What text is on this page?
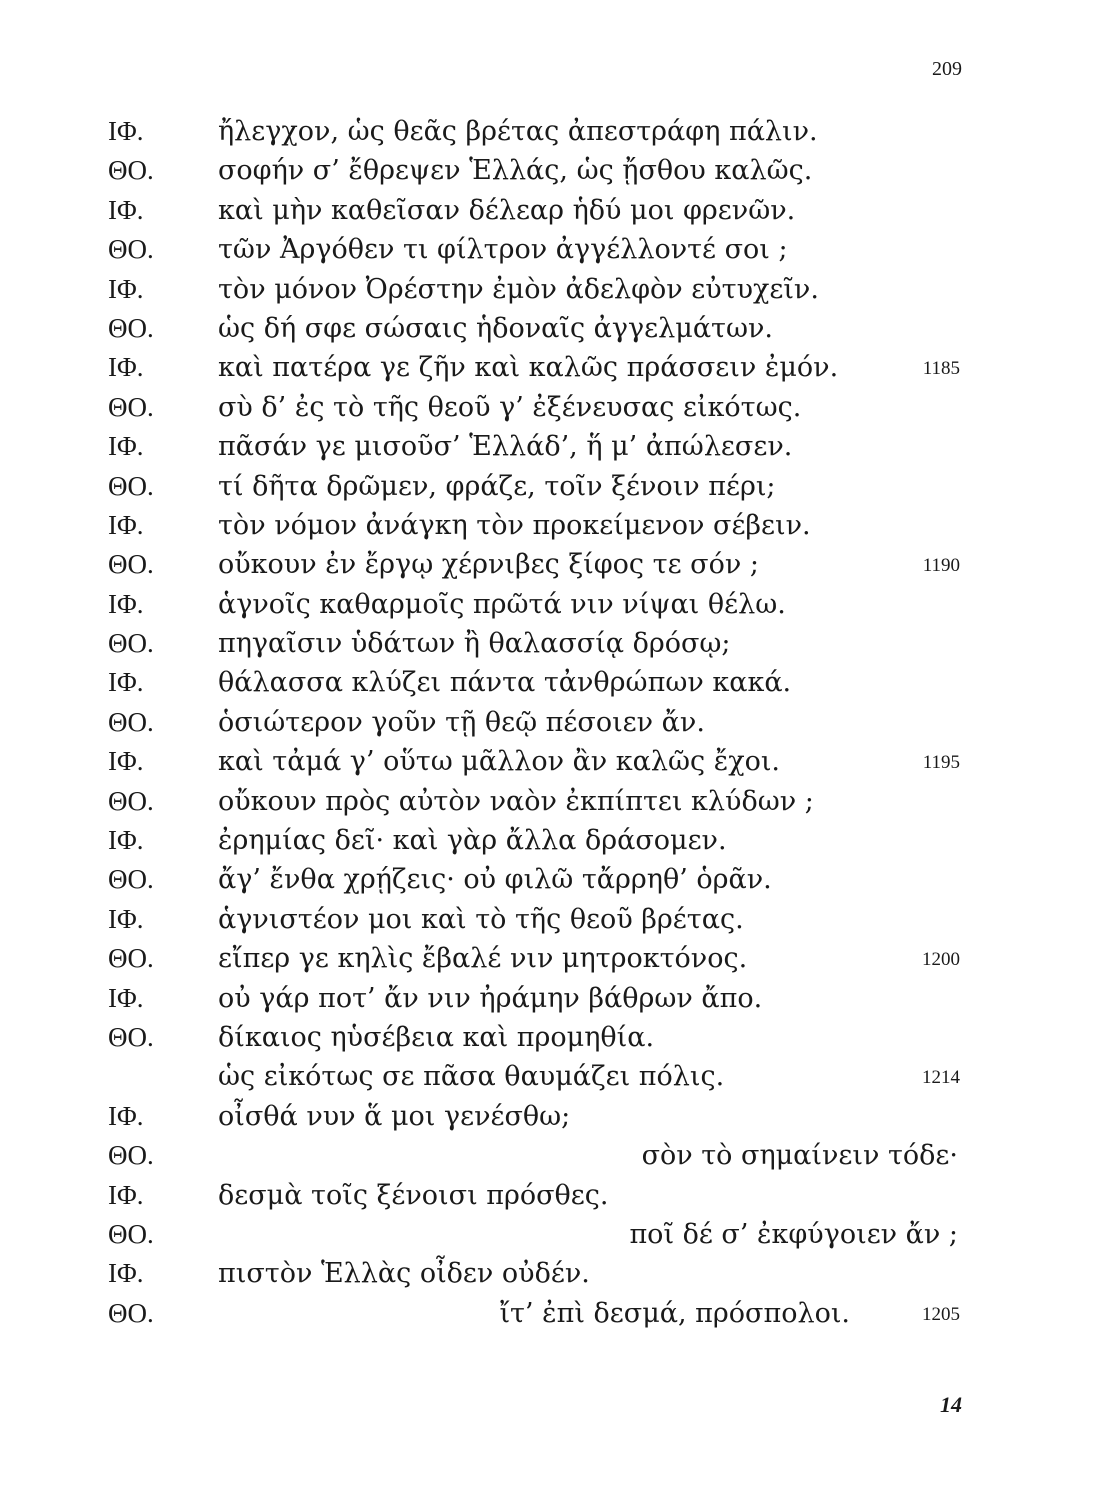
209
ΙΦ.	ἤλεγχον, ὡς θεᾶς βρέτας ἀπεστράφη πάλιν.
ΘΟ. σοφήν σ’ ἔθρεψεν Ἑλλάς, ὡς ᾔσθου καλῶς.
ΙΦ.	καὶ μὴν καθεῖσαν δέλεαρ ἡδύ μοι φρενῶν.
ΘΟ. τῶν Ἀργόθεν τι φίλτρον ἀγγέλλοντέ σοι ;
ΙΦ.	τὸν μόνον Ὀρέστην ἐμὸν ἀδελφὸν εὐτυχεῖν.
ΘΟ. ὡς δή σφε σώσαις ἡδοναῖς ἀγγελμάτων.
ΙΦ.	καὶ πατέρα γε ζῆν καὶ καλῶς πράσσειν ἐμόν.	1185
ΘΟ. σὺ δ’ ἐς τὸ τῆς θεοῦ γ’ ἐξένευσας εἰκότως.
ΙΦ.	πᾶσάν γε μισοῦσ’ Ἑλλάδ’, ἥ μ’ ἀπώλεσεν.
ΘΟ. τί δῆτα δρῶμεν, φράζε, τοῖν ξένοιν πέρι;
ΙΦ.	τὸν νόμον ἀνάγκη τὸν προκείμενον σέβειν.
ΘΟ. οὔκουν ἐν ἔργῳ χέρνιβες ξίφος τε σόν ;	1190
ΙΦ.	ἁγνοῖς καθαρμοῖς πρῶτά νιν νίψαι θέλω.
ΘΟ. πηγαῖσιν ὑδάτων ἢ θαλασσίᾳ δρόσῳ;
ΙΦ.	θάλασσα κλύζει πάντα τἀνθρώπων κακά.
ΘΟ. ὁσιώτερον γοῦν τῇ θεῷ πέσοιεν ἄν.
ΙΦ.	καὶ τἀμά γ’ οὕτω μᾶλλον ἂν καλῶς ἔχοι.	1195
ΘΟ. οὔκουν πρὸς αὐτὸν ναὸν ἐκπίπτει κλύδων ;
ΙΦ.	ἐρημίας δεῖ· καὶ γὰρ ἄλλα δράσομεν.
ΘΟ. ἄγ’ ἔνθα χρῄζεις· οὐ φιλῶ τἄρρηθ’ ὁρᾶν.
ΙΦ.	ἁγνιστέον μοι καὶ τὸ τῆς θεοῦ βρέτας.
ΘΟ. εἴπερ γε κηλὶς ἔβαλέ νιν μητροκτόνος.	1200
ΙΦ.	οὐ γάρ ποτ’ ἄν νιν ἠράμην βάθρων ἄπο.
ΘΟ. δίκαιος ηὑσέβεια καὶ προμηθία.
ὡς εἰκότως σε πᾶσα θαυμάζει πόλις.	1214
ΙΦ.	οἶσθά νυν ἅ μοι γενέσθω;
ΘΟ.	σὸν τὸ σημαίνειν τόδε·
ΙΦ.	δεσμὰ τοῖς ξένοισι πρόσθες.
ΘΟ.	ποῖ δέ σ’ ἐκφύγοιεν ἄν ;
ΙΦ.	πιστὸν Ἑλλὰς οἶδεν οὐδέν.
ΘΟ.	ἴτ’ ἐπὶ δεσμά, πρόσπολοι.	1205
14
